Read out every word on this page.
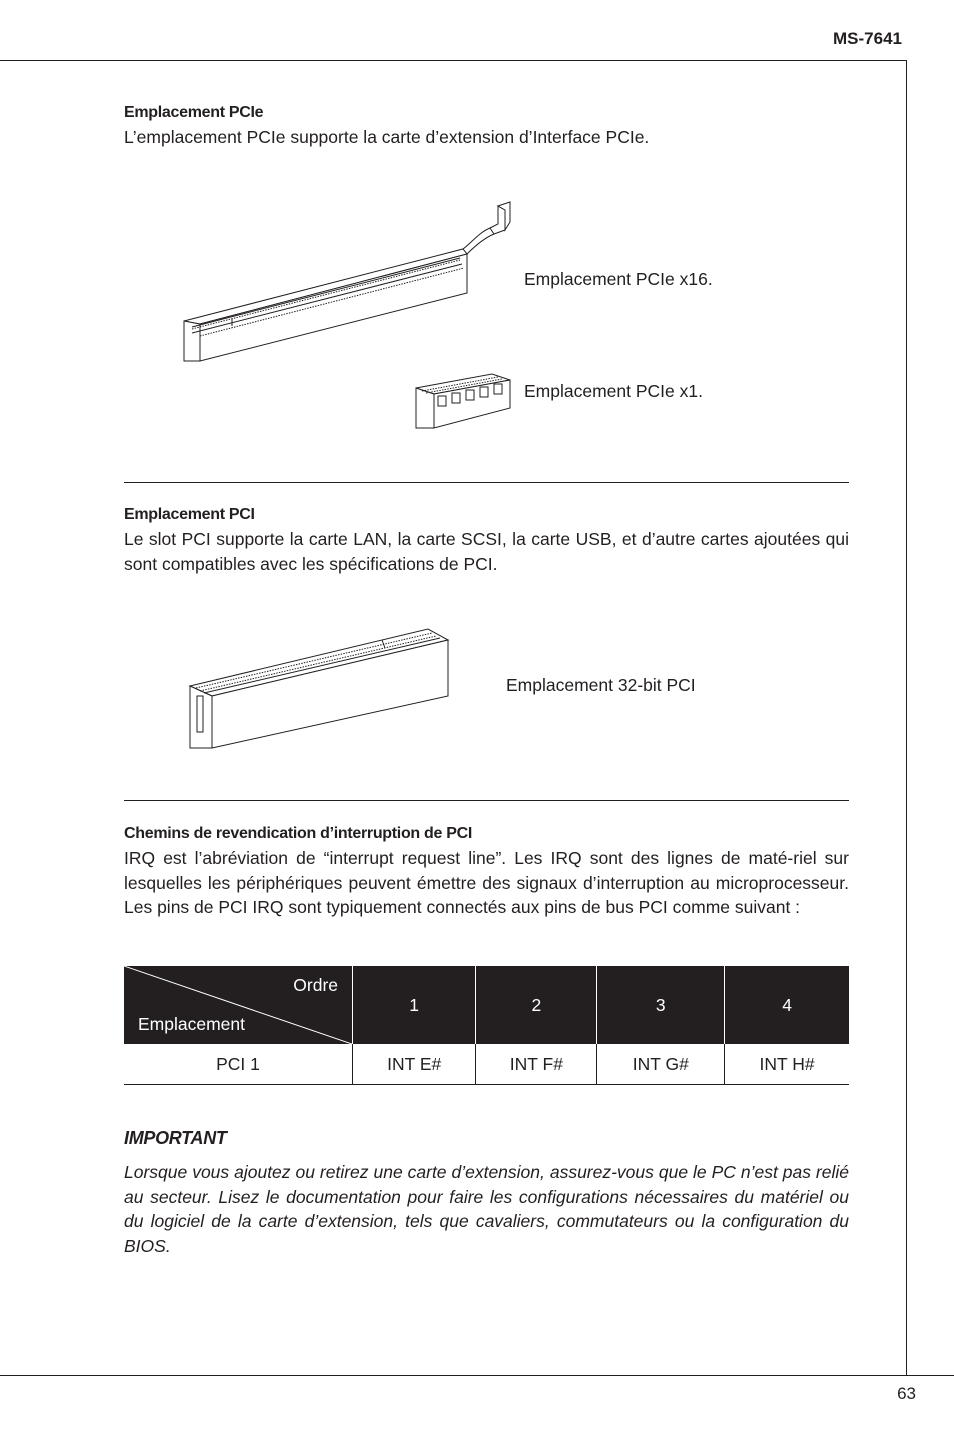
MS-7641

Emplacement PCIe

L’emplacement PCIe supporte la carte d’extension d’Interface PCIe.

Emplacement PCIe x16.
Emplacement PCIe x1.

Emplacement PCI

Le slot PCI supporte la carte LAN, la carte SCSI, la carte USB, et d’autre cartes ajoutées qui sont compatibles avec les spécifications de PCI.

Emplacement 32-bit PCI

Chemins de revendication d’interruption de PCI

IRQ est l’abréviation de “interrupt request line”. Les IRQ sont des lignes de maté-riel sur lesquelles les périphériques peuvent émettre des signaux d’interruption au microprocesseur. Les pins de PCI IRQ sont typiquement connectés aux pins de bus PCI comme suivant :

Ordre
Emplacement	1	2	3	4
PCI 1	INT E#	INT F#	INT G#	INT H#
IMPORTANT

Lorsque vous ajoutez ou retirez une carte d’extension, assurez-vous que le PC n’est pas relié au secteur. Lisez le documentation pour faire les configurations nécessaires du matériel ou du logiciel de la carte d’extension, tels que cavaliers, commutateurs ou la configuration du BIOS.

63
